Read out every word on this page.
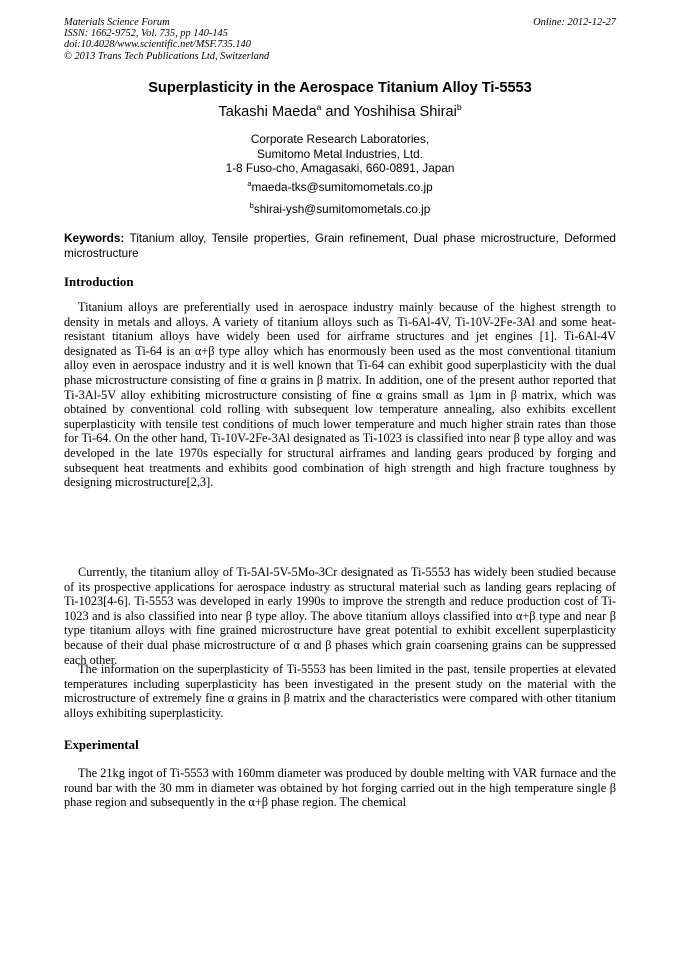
Materials Science Forum
ISSN: 1662-9752, Vol. 735, pp 140-145
doi:10.4028/www.scientific.net/MSF.735.140
© 2013 Trans Tech Publications Ltd, Switzerland
Online: 2012-12-27
Superplasticity in the Aerospace Titanium Alloy Ti-5553
Takashi Maeda$^a$ and Yoshihisa Shirai$^b$
Corporate Research Laboratories,
Sumitomo Metal Industries, Ltd.
1-8 Fuso-cho, Amagasaki, 660-0891, Japan
$^a$maeda-tks@sumitomometals.co.jp
$^b$shirai-ysh@sumitomometals.co.jp
Keywords: Titanium alloy, Tensile properties, Grain refinement, Dual phase microstructure, Deformed microstructure
Introduction

Titanium alloys are preferentially used in aerospace industry mainly because of the highest strength to density in metals and alloys. A variety of titanium alloys such as Ti-6Al-4V, Ti-10V-2Fe-3Al and some heat-resistant titanium alloys have widely been used for airframe structures and jet engines [1]. Ti-6Al-4V designated as Ti-64 is an α+β type alloy which has enormously been used as the most conventional titanium alloy even in aerospace industry and it is well known that Ti-64 can exhibit good superplasticity with the dual phase microstructure consisting of fine α grains in β matrix. In addition, one of the present author reported that Ti-3Al-5V alloy exhibiting microstructure consisting of fine α grains small as 1μm in β matrix, which was obtained by conventional cold rolling with subsequent low temperature annealing, also exhibits excellent superplasticity with tensile test conditions of much lower temperature and much higher strain rates than those for Ti-64. On the other hand, Ti-10V-2Fe-3Al designated as Ti-1023 is classified into near β type alloy and was developed in the late 1970s especially for structural airframes and landing gears produced by forging and subsequent heat treatments and exhibits good combination of high strength and high fracture toughness by designing microstructure[2,3].

Currently, the titanium alloy of Ti-5Al-5V-5Mo-3Cr designated as Ti-5553 has widely been studied because of its prospective applications for aerospace industry as structural material such as landing gears replacing of Ti-1023[4-6]. Ti-5553 was developed in early 1990s to improve the strength and reduce production cost of Ti-1023 and is also classified into near β type alloy. The above titanium alloys classified into α+β type and near β type titanium alloys with fine grained microstructure have great potential to exhibit excellent superplasticity because of their dual phase microstructure of α and β phases which grain coarsening grains can be suppressed each other.

The information on the superplasticity of Ti-5553 has been limited in the past, tensile properties at elevated temperatures including superplasticity has been investigated in the present study on the material with the microstructure of extremely fine α grains in β matrix and the characteristics were compared with other titanium alloys exhibiting superplasticity.

Experimental

The 21kg ingot of Ti-5553 with 160mm diameter was produced by double melting with VAR furnace and the round bar with the 30 mm in diameter was obtained by hot forging carried out in the high temperature single β phase region and subsequently in the α+β phase region. The chemical
